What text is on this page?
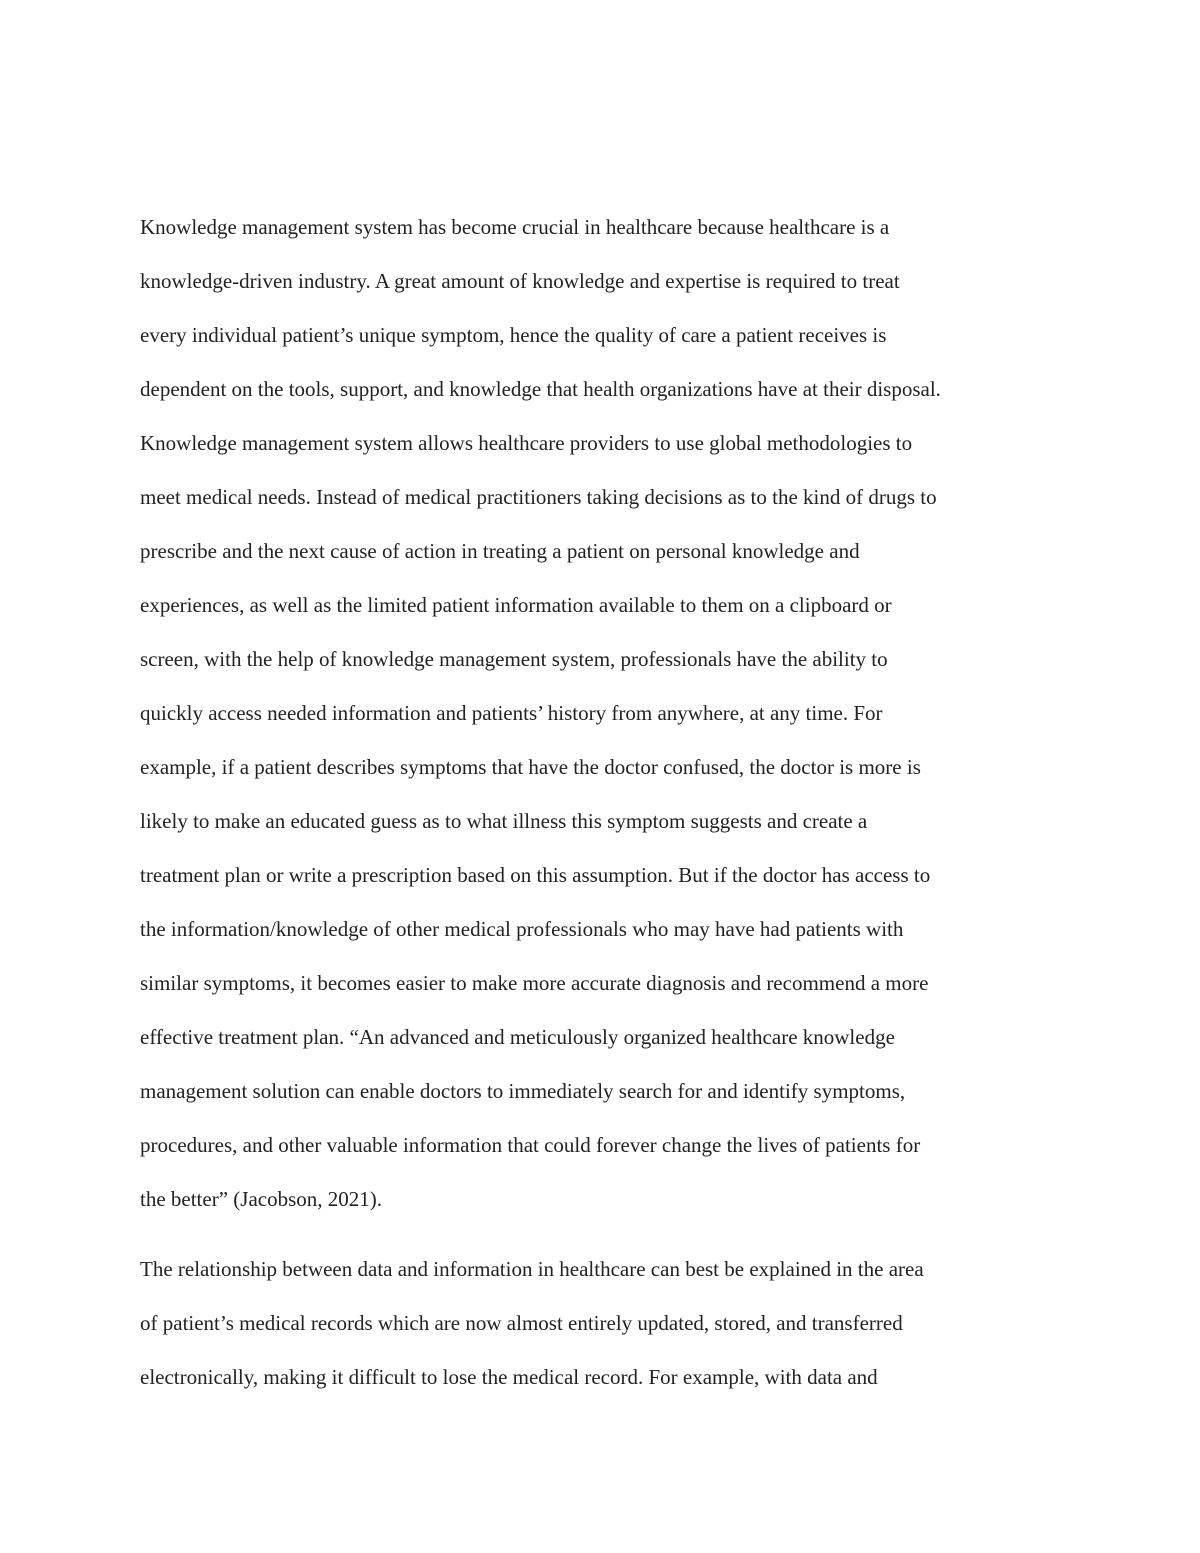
Knowledge management system has become crucial in healthcare because healthcare is a
knowledge-driven industry. A great amount of knowledge and expertise is required to treat
every individual patient’s unique symptom, hence the quality of care a patient receives is
dependent on the tools, support, and knowledge that health organizations have at their disposal.
Knowledge management system allows healthcare providers to use global methodologies to
meet medical needs. Instead of medical practitioners taking decisions as to the kind of drugs to
prescribe and the next cause of action in treating a patient on personal knowledge and
experiences, as well as the limited patient information available to them on a clipboard or
screen, with the help of knowledge management system, professionals have the ability to
quickly access needed information and patients’ history from anywhere, at any time. For
example, if a patient describes symptoms that have the doctor confused, the doctor is more is
likely to make an educated guess as to what illness this symptom suggests and create a
treatment plan or write a prescription based on this assumption. But if the doctor has access to
the information/knowledge of other medical professionals who may have had patients with
similar symptoms, it becomes easier to make more accurate diagnosis and recommend a more
effective treatment plan. “An advanced and meticulously organized healthcare knowledge
management solution can enable doctors to immediately search for and identify symptoms,
procedures, and other valuable information that could forever change the lives of patients for
the better” (Jacobson, 2021).
The relationship between data and information in healthcare can best be explained in the area
of patient’s medical records which are now almost entirely updated, stored, and transferred
electronically, making it difficult to lose the medical record. For example, with data and
